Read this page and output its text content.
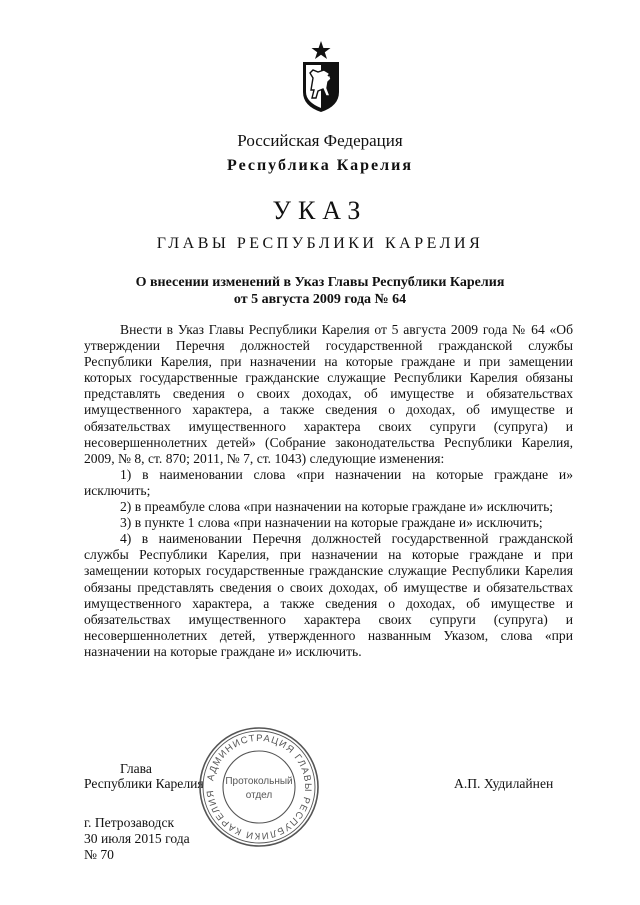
Российская Федерация
Республика Карелия
УКАЗ
ГЛАВЫ РЕСПУБЛИКИ КАРЕЛИЯ
О внесении изменений в Указ Главы Республики Карелия
от 5 августа 2009 года № 64

Внести в Указ Главы Республики Карелия от 5 августа 2009 года № 64 «Об утверждении Перечня должностей государственной гражданской службы Республики Карелия, при назначении на которые граждане и при замещении которых государственные гражданские служащие Республики Карелия обязаны представлять сведения о своих доходах, об имуществе и обязательствах имущественного характера, а также сведения о доходах, об имуществе и обязательствах имущественного характера своих супруги (супруга) и несовершеннолетних детей» (Собрание законодательства Республики Карелия, 2009, № 8, ст. 870; 2011, № 7, ст. 1043) следующие изменения:

1) в наименовании слова «при назначении на которые граждане и» исключить;

2) в преамбуле слова «при назначении на которые граждане и» исключить;

3) в пункте 1 слова «при назначении на которые граждане и» исключить;

4) в наименовании Перечня должностей государственной гражданской службы Республики Карелия, при назначении на которые граждане и при замещении которых государственные гражданские служащие Республики Карелия обязаны представлять сведения о своих доходах, об имуществе и обязательствах имущественного характера, а также сведения о доходах, об имуществе и обязательствах имущественного характера своих супруги (супруга) и несовершеннолетних детей, утвержденного названным Указом, слова «при назначении на которые граждане и» исключить.

Глава
Республики Карелия	А.П. Худилайнен
г. Петрозаводск
30 июля 2015 года
№ 70
АДМИНИСТРАЦИЯ ГЛАВЫ РЕСПУБЛИКИ КАРЕЛИЯ
Протокольный
отдел
